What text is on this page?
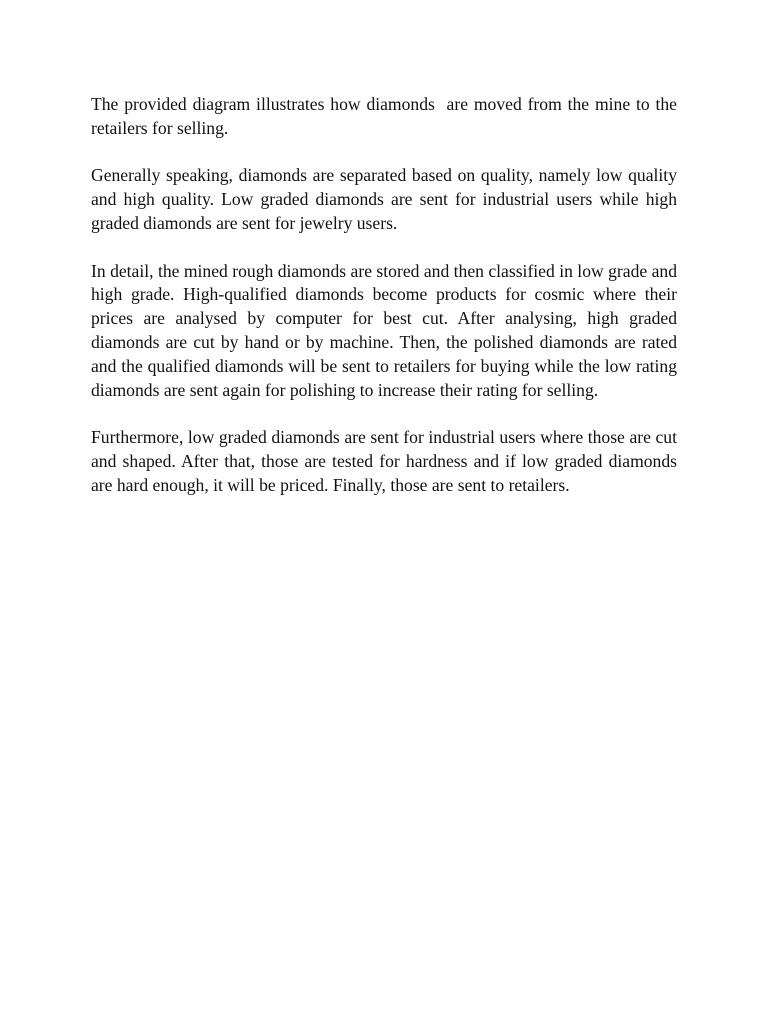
The provided diagram illustrates how diamonds  are moved from the mine to the retailers for selling.

Generally speaking, diamonds are separated based on quality, namely low quality and high quality. Low graded diamonds are sent for industrial users while high graded diamonds are sent for jewelry users.

In detail, the mined rough diamonds are stored and then classified in low grade and high grade. High-qualified diamonds become products for cosmic where their prices are analysed by computer for best cut. After analysing, high graded diamonds are cut by hand or by machine. Then, the polished diamonds are rated and the qualified diamonds will be sent to retailers for buying while the low rating diamonds are sent again for polishing to increase their rating for selling.

Furthermore, low graded diamonds are sent for industrial users where those are cut and shaped. After that, those are tested for hardness and if low graded diamonds are hard enough, it will be priced. Finally, those are sent to retailers.
